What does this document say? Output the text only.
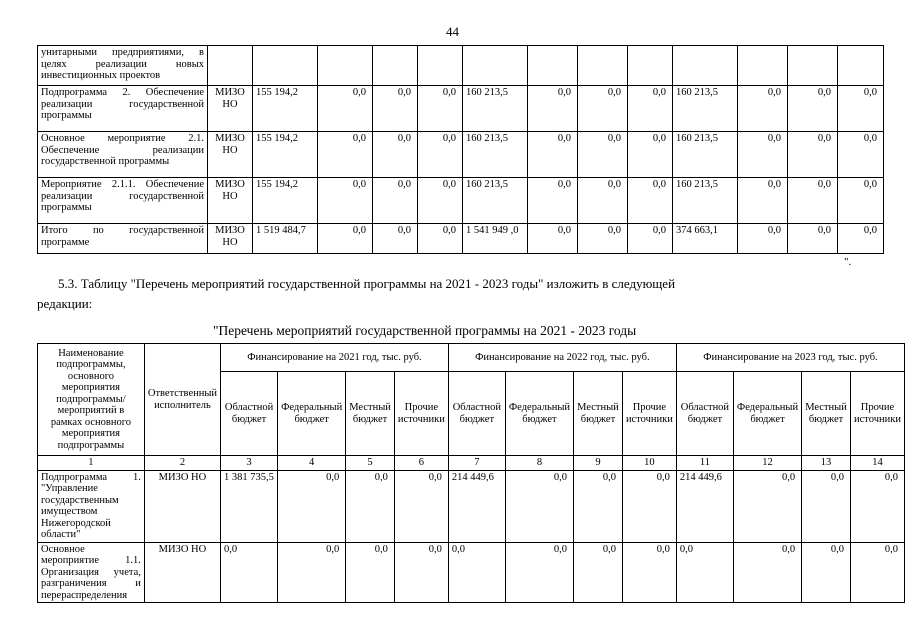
44
унитарными предприятиями, в целях реализации новых инвестиционных проектов													
Подпрограмма 2. Обеспечение реализации государственной программы	МИЗО НО	155 194,2	0,0	0,0	0,0	160 213,5	0,0	0,0	0,0	160 213,5	0,0	0,0	0,0
Основное мероприятие 2.1. Обеспечение реализации государственной программы	МИЗО НО	155 194,2	0,0	0,0	0,0	160 213,5	0,0	0,0	0,0	160 213,5	0,0	0,0	0,0
Мероприятие 2.1.1. Обеспечение реализации государственной программы	МИЗО НО	155 194,2	0,0	0,0	0,0	160 213,5	0,0	0,0	0,0	160 213,5	0,0	0,0	0,0
Итого по государственной программе	МИЗО НО	1 519 484,7	0,0	0,0	0,0	1 541 949 ,0	0,0	0,0	0,0	374 663,1	0,0	0,0	0,0
".
5.3. Таблицу "Перечень мероприятий государственной программы на 2021 - 2023 годы" изложить в следующей
редакции:
"Перечень мероприятий государственной программы на 2021 - 2023 годы
Наименование подпрограммы, основного мероприятия подпрограммы/ мероприятий в рамках основного мероприятия подпрограммы	Ответственный исполнитель	Финансирование на 2021 год, тыс. руб.				Финансирование на 2022 год, тыс. руб.				Финансирование на 2023 год, тыс. руб.			
		Областной бюджет	Федеральный бюджет	Местный бюджет	Прочие источники	Областной бюджет	Федеральный бюджет	Местный бюджет	Прочие источники	Областной бюджет	Федеральный бюджет	Местный бюджет	Прочие источники
1	2	3	4	5	6	7	8	9	10	11	12	13	14
Подпрограмма 1. "Управление государственным имуществом Нижегородской области"	МИЗО НО	1 381 735,5	0,0	0,0	0,0	214 449,6	0,0	0,0	0,0	214 449,6	0,0	0,0	0,0
Основное мероприятие 1.1. Организация учета, разграничения и перераспределения	МИЗО НО	0,0	0,0	0,0	0,0	0,0	0,0	0,0	0,0	0,0	0,0	0,0	0,0
